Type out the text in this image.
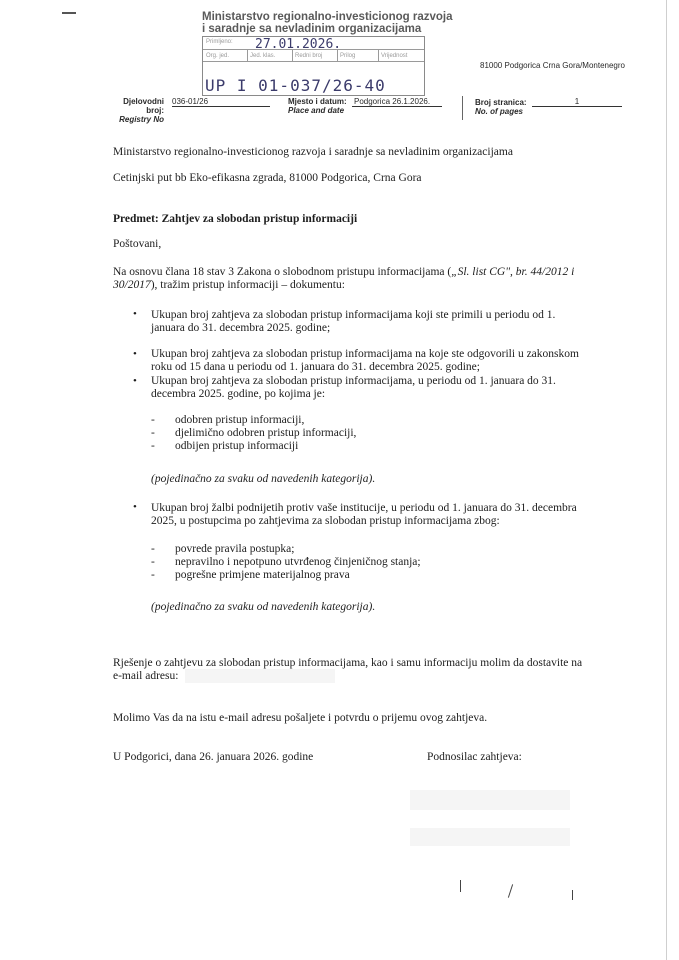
Ministarstvo regionalno-investicionog razvoja
i saradnje sa nevladinim organizacijama
Primljeno:
Org. jed.	Jed. klas.	Redni broj	Prilog	Vrijednost
27.01.2026.
UP I 01-037/26-40
81000 Podgorica Crna Gora/Montenegro
Djelovodni broj:
Registry No
036-01/26	Mjesto i datum:
Place and date
Podgorica 26.1.2026.	Broj stranica:
No. of pages
1
Ministarstvo regionalno-investicionog razvoja i saradnje sa nevladinim organizacijama
Cetinjski put bb Eko-efikasna zgrada, 81000 Podgorica, Crna Gora
Predmet: Zahtjev za slobodan pristup informaciji
Poštovani,
Na osnovu člana 18 stav 3 Zakona o slobodnom pristupu informacijama („Sl. list CG", br. 44/2012 i
30/2017), tražim pristup informaciji – dokumentu:
• Ukupan broj zahtjeva za slobodan pristup informacijama koji ste primili u periodu od 1.
januara do 31. decembra 2025. godine;
• Ukupan broj zahtjeva za slobodan pristup informacijama na koje ste odgovorili u zakonskom
roku od 15 dana u periodu od 1. januara do 31. decembra 2025. godine;
• Ukupan broj zahtjeva za slobodan pristup informacijama, u periodu od 1. januara do 31.
decembra 2025. godine, po kojima je:
- odobren pristup informaciji,
- djelimično odobren pristup informaciji,
- odbijen pristup informaciji
(pojedinačno za svaku od navedenih kategorija).
• Ukupan broj žalbi podnijetih protiv vaše institucije, u periodu od 1. januara do 31. decembra
2025, u postupcima po zahtjevima za slobodan pristup informacijama zbog:
- povrede pravila postupka;
- nepravilno i nepotpuno utvrđenog činjeničnog stanja;
- pogrešne primjene materijalnog prava
(pojedinačno za svaku od navedenih kategorija).
Rješenje o zahtjevu za slobodan pristup informacijama, kao i samu informaciju molim da dostavite na
e-mail adresu:
Molimo Vas da na istu e-mail adresu pošaljete i potvrdu o prijemu ovog zahtjeva.
U Podgorici, dana 26. januara 2026. godine	Podnosilac zahtjeva:
